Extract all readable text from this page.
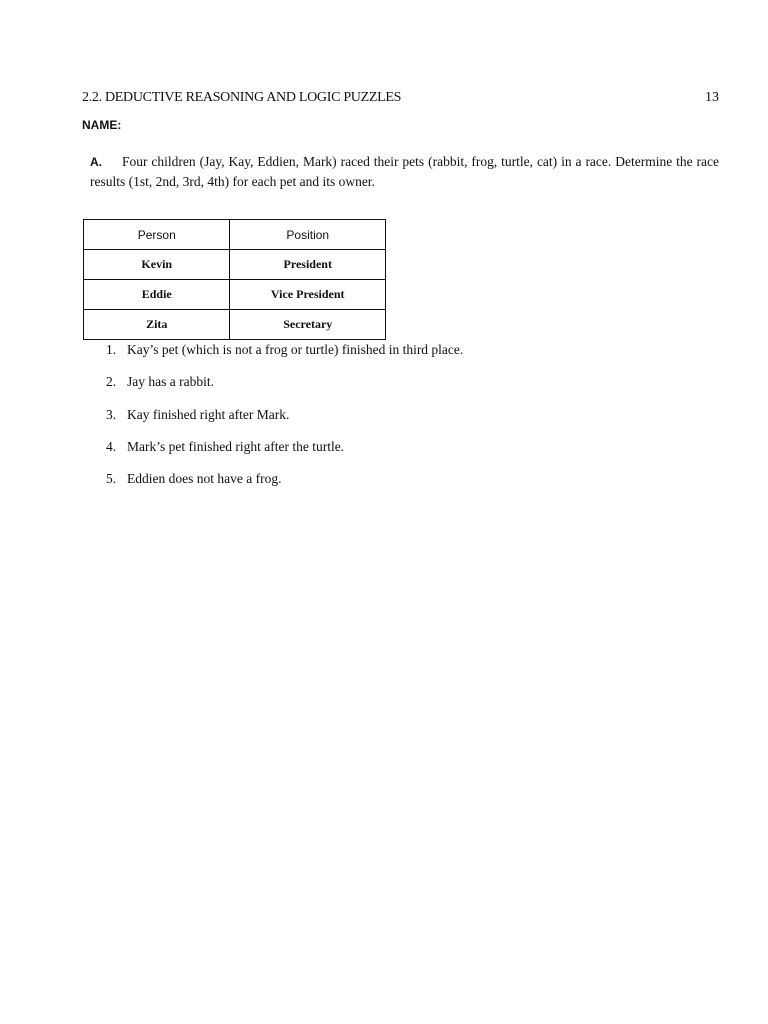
2.2. DEDUCTIVE REASONING AND LOGIC PUZZLES	13
NAME:
A. Four children (Jay, Kay, Eddien, Mark) raced their pets (rabbit, frog, turtle, cat) in a race. Determine the race results (1st, 2nd, 3rd, 4th) for each pet and its owner.
Person	Position
Kevin	President
Eddie	Vice President
Zita	Secretary
1. Kay’s pet (which is not a frog or turtle) finished in third place.
2. Jay has a rabbit.
3. Kay finished right after Mark.
4. Mark’s pet finished right after the turtle.
5. Eddien does not have a frog.
